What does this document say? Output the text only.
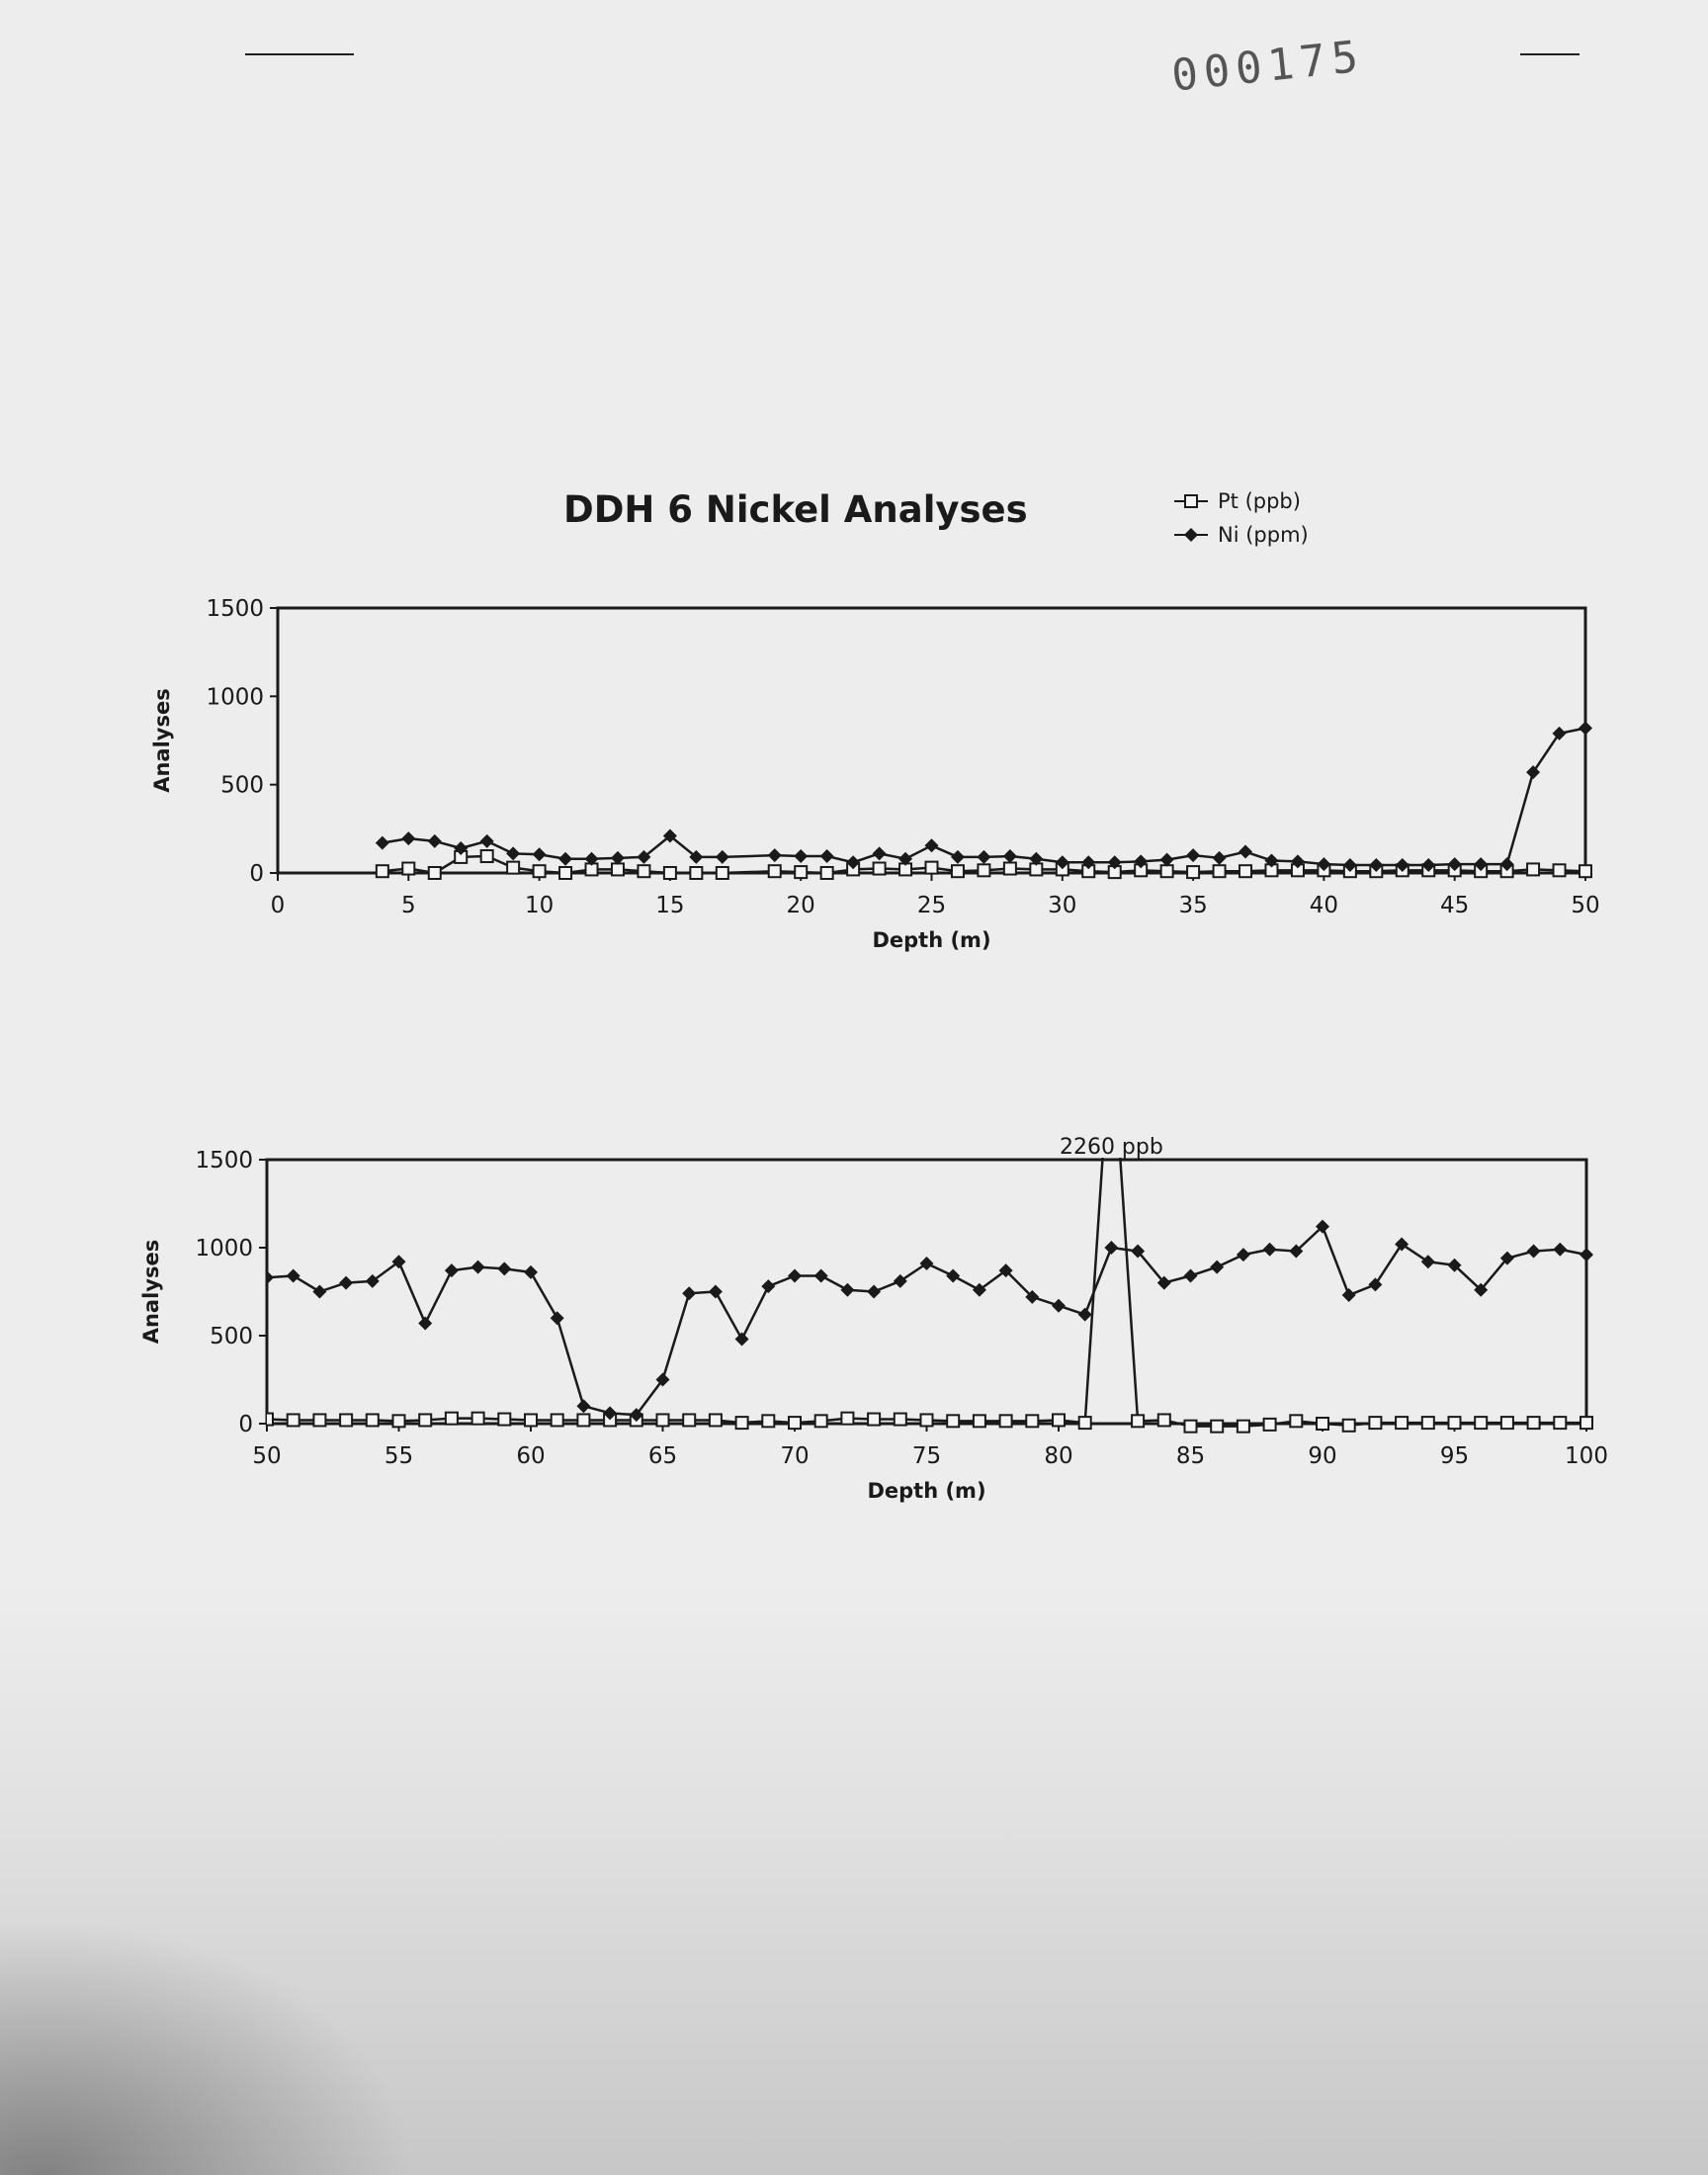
000175
DDH 6 Nickel Analyses	Pt (ppb)
Ni (ppm)
0	5	10	15	20	25	30	35	40	45	50
0
500
1000
1500
Depth (m)
Analyses
50	55	60	65	70	75	80	85	90	95	100
0
500
1000
1500
Depth (m)
Analyses
2260 ppb
